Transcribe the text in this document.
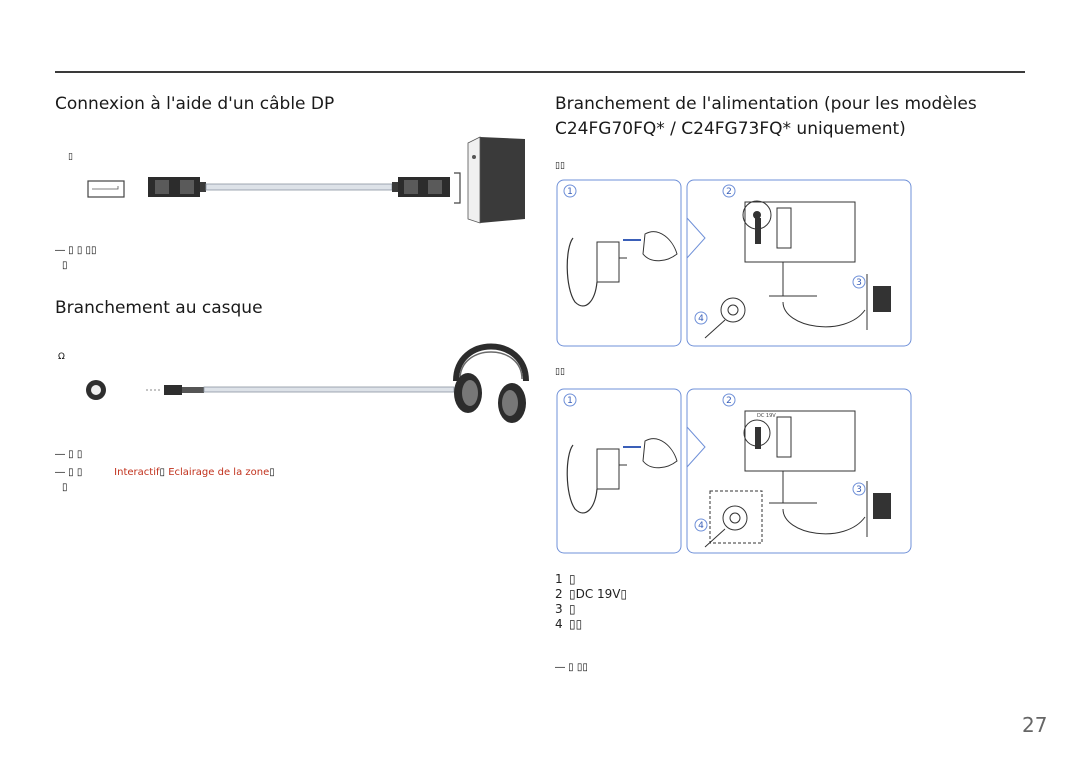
Connexion à l'aide d'un câble DP
Branchement au casque
Branchement de l'alimentation (pour les modèles
C24FG70FQ* / C24FG73FQ* uniquement)
▯
― ▯ ▯ ▯▯
▯
Ω
― ▯ ▯
― ▯ ▯	Interactif▯ Eclairage de la zone▯
▯
▯▯
▯▯
1	2
3
4
1	2
3
4
DC 19V
1 ▯
2 ▯DC 19V▯
3 ▯
4 ▯▯
― ▯ ▯▯
27
